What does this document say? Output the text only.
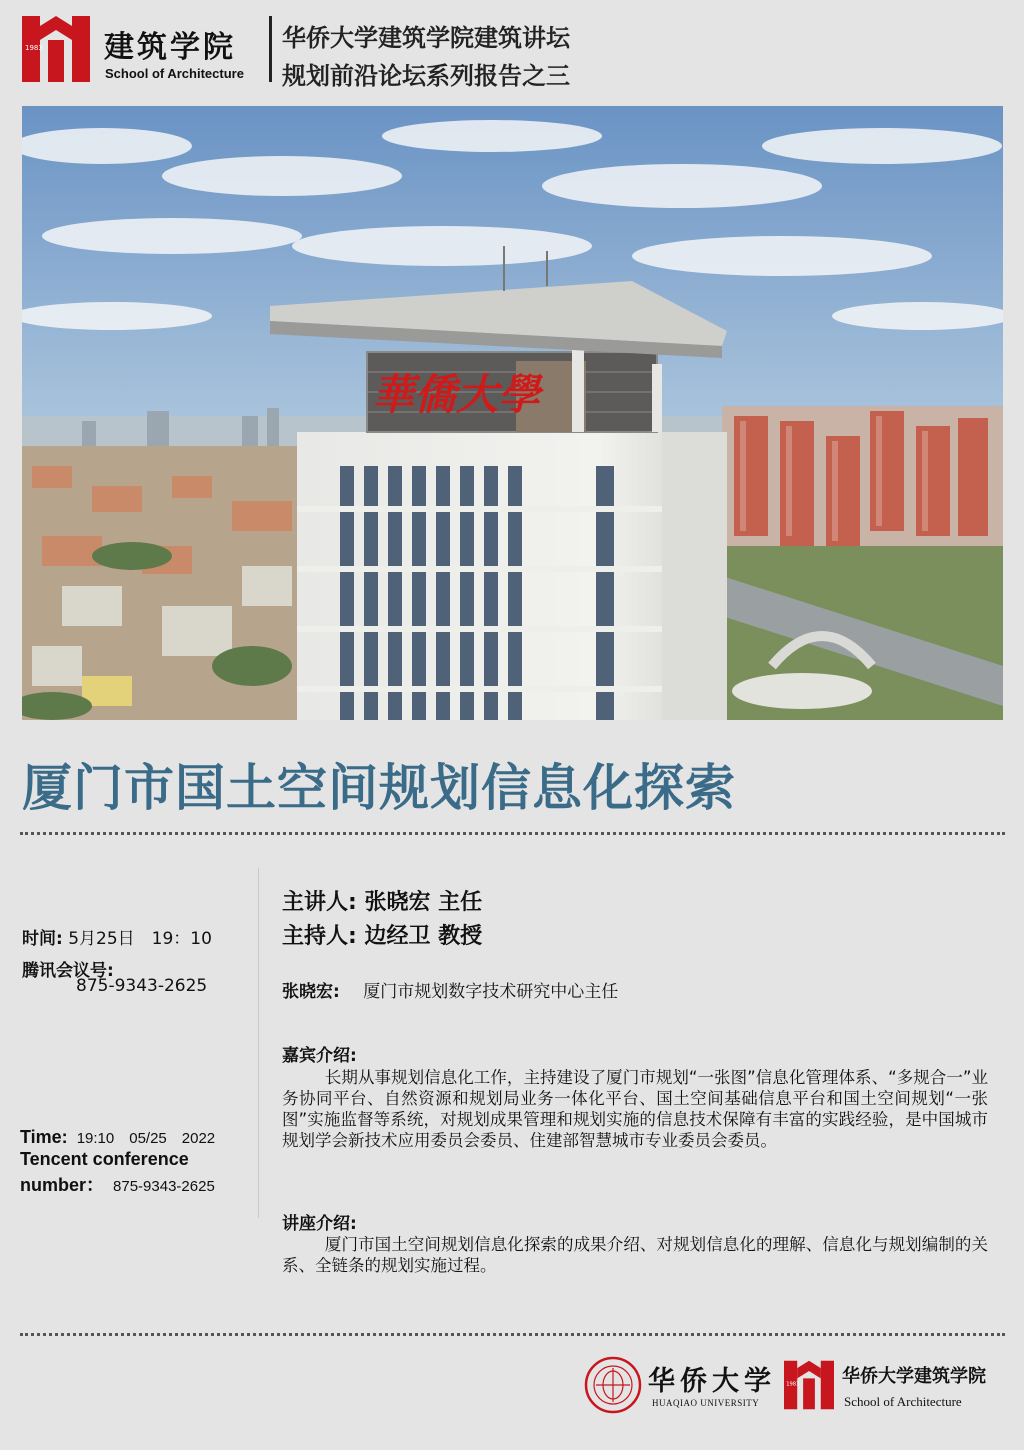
1983 建筑学院
School of Architecture
华侨大学建筑学院建筑讲坛
规划前沿论坛系列报告之三
華僑大學
厦门市国土空间规划信息化探索
时间: 5月25日　19：10
腾讯会议号:
875-9343-2625
Time: 19:10　05/25　2022
Tencent conference
number： 875-9343-2625
主讲人: 张晓宏 主任
主持人: 边经卫 教授
张晓宏: 厦门市规划数字技术研究中心主任
嘉宾介绍:
长期从事规划信息化工作，主持建设了厦门市规划“一张图”信息化管理体系、“多规合一”业务协同平台、自然资源和规划局业务一体化平台、国土空间基础信息平台和国土空间规划“一张图”实施监督等系统，对规划成果管理和规划实施的信息技术保障有丰富的实践经验，是中国城市规划学会新技术应用委员会委员、住建部智慧城市专业委员会委员。
讲座介绍:
厦门市国土空间规划信息化探索的成果介绍、对规划信息化的理解、信息化与规划编制的关系、全链条的规划实施过程。
华侨大学
HUAQIAO UNIVERSITY
1983 华侨大学建筑学院
School of Architecture
